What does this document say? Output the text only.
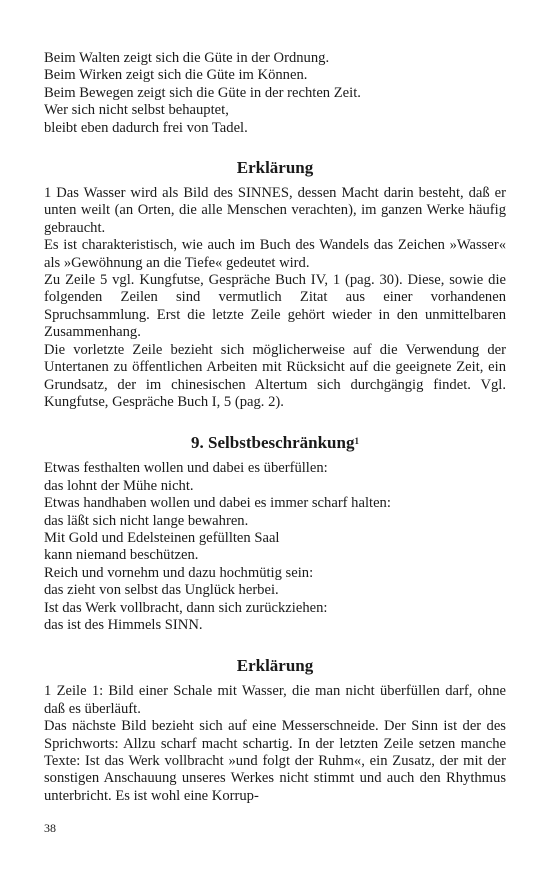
Beim Walten zeigt sich die Güte in der Ordnung.
Beim Wirken zeigt sich die Güte im Können.
Beim Bewegen zeigt sich die Güte in der rechten Zeit.
Wer sich nicht selbst behauptet,
bleibt eben dadurch frei von Tadel.
Erklärung

1 Das Wasser wird als Bild des SINNES, dessen Macht darin besteht, daß er unten weilt (an Orten, die alle Menschen verachten), im ganzen Werke häufig gebraucht.

Es ist charakteristisch, wie auch im Buch des Wandels das Zeichen »Wasser« als »Gewöhnung an die Tiefe« gedeutet wird.

Zu Zeile 5 vgl. Kungfutse, Gespräche Buch IV, 1 (pag. 30). Diese, sowie die folgenden Zeilen sind vermutlich Zitat aus einer vorhandenen Spruchsammlung. Erst die letzte Zeile gehört wieder in den unmittelbaren Zusammenhang.

Die vorletzte Zeile bezieht sich möglicherweise auf die Verwendung der Untertanen zu öffentlichen Arbeiten mit Rücksicht auf die geeignete Zeit, ein Grundsatz, der im chinesischen Altertum sich durchgängig findet. Vgl. Kungfutse, Gespräche Buch I, 5 (pag. 2).

9. Selbstbeschränkung$^1$
Etwas festhalten wollen und dabei es überfüllen:
das lohnt der Mühe nicht.
Etwas handhaben wollen und dabei es immer scharf halten:
das läßt sich nicht lange bewahren.
Mit Gold und Edelsteinen gefüllten Saal
kann niemand beschützen.
Reich und vornehm und dazu hochmütig sein:
das zieht von selbst das Unglück herbei.
Ist das Werk vollbracht, dann sich zurückziehen:
das ist des Himmels SINN.
Erklärung

1 Zeile 1: Bild einer Schale mit Wasser, die man nicht überfüllen darf, ohne daß es überläuft.

Das nächste Bild bezieht sich auf eine Messerschneide. Der Sinn ist der des Sprichworts: Allzu scharf macht schartig. In der letzten Zeile setzen manche Texte: Ist das Werk vollbracht »und folgt der Ruhm«, ein Zusatz, der mit der sonstigen Anschauung unseres Werkes nicht stimmt und auch den Rhythmus unterbricht. Es ist wohl eine Korrup-

38
